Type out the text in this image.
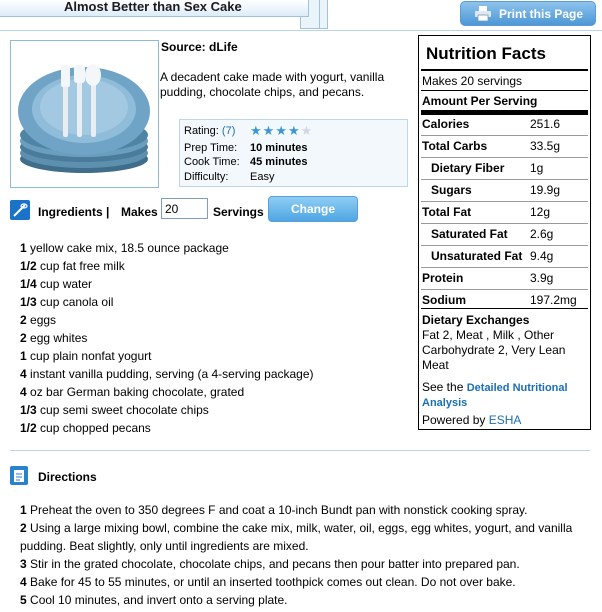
Almost Better than Sex Cake	Print this Page
Source: dLife
A decadent cake made with yogurt, vanilla pudding, chocolate chips, and pecans.
Rating: (7)	★★★★★
Prep Time:	10 minutes
Cook Time: 45 minutes
Difficulty:	Easy
Ingredients | Makes
20	Servings	Change
1 yellow cake mix, 18.5 ounce package
1/2 cup fat free milk
1/4 cup water
1/3 cup canola oil
2 eggs
2 egg whites
1 cup plain nonfat yogurt
4 instant vanilla pudding, serving (a 4-serving package)
4 oz bar German baking chocolate, grated
1/3 cup semi sweet chocolate chips
1/2 cup chopped pecans
Directions
1 Preheat the oven to 350 degrees F and coat a 10-inch Bundt pan with nonstick cooking spray.
2 Using a large mixing bowl, combine the cake mix, milk, water, oil, eggs, egg whites, yogurt, and vanilla pudding. Beat slightly, only until ingredients are mixed.
3 Stir in the grated chocolate, chocolate chips, and pecans then pour batter into prepared pan.
4 Bake for 45 to 55 minutes, or until an inserted toothpick comes out clean. Do not over bake.
5 Cool 10 minutes, and invert onto a serving plate.
Nutrition Facts
Makes 20 servings
Amount Per Serving
Dietary Exchanges
Fat 2, Meat , Milk , Other Carbohydrate 2, Very Lean Meat
See the Detailed Nutritional Analysis
Powered by ESHA
Calories	251.6
Total Carbs	33.5g
Dietary Fiber 1g
Sugars	19.9g
Total Fat	12g
Saturated Fat 2.6g
Unsaturated Fat 9.4g
Protein	3.9g
Sodium	197.2mg
